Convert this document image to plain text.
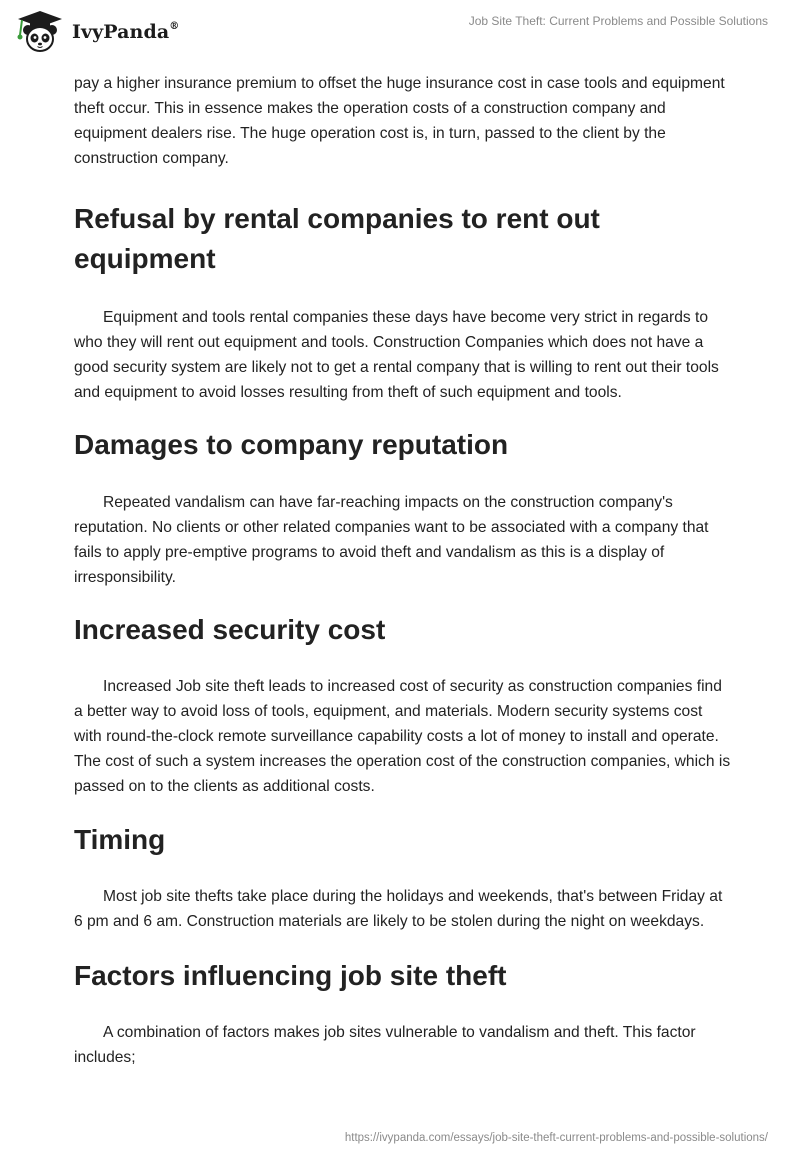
IvyPanda®	Job Site Theft: Current Problems and Possible Solutions

pay a higher insurance premium to offset the huge insurance cost in case tools and equipment theft occur. This in essence makes the operation costs of a construction company and equipment dealers rise. The huge operation cost is, in turn, passed to the client by the construction company.

Refusal by rental companies to rent out equipment

Equipment and tools rental companies these days have become very strict in regards to who they will rent out equipment and tools. Construction Companies which does not have a good security system are likely not to get a rental company that is willing to rent out their tools and equipment to avoid losses resulting from theft of such equipment and tools.

Damages to company reputation

Repeated vandalism can have far-reaching impacts on the construction company's reputation. No clients or other related companies want to be associated with a company that fails to apply pre-emptive programs to avoid theft and vandalism as this is a display of irresponsibility.

Increased security cost

Increased Job site theft leads to increased cost of security as construction companies find a better way to avoid loss of tools, equipment, and materials. Modern security systems cost with round-the-clock remote surveillance capability costs a lot of money to install and operate. The cost of such a system increases the operation cost of the construction companies, which is passed on to the clients as additional costs.

Timing

Most job site thefts take place during the holidays and weekends, that's between Friday at 6 pm and 6 am. Construction materials are likely to be stolen during the night on weekdays.

Factors influencing job site theft

A combination of factors makes job sites vulnerable to vandalism and theft. This factor includes;

https://ivypanda.com/essays/job-site-theft-current-problems-and-possible-solutions/
